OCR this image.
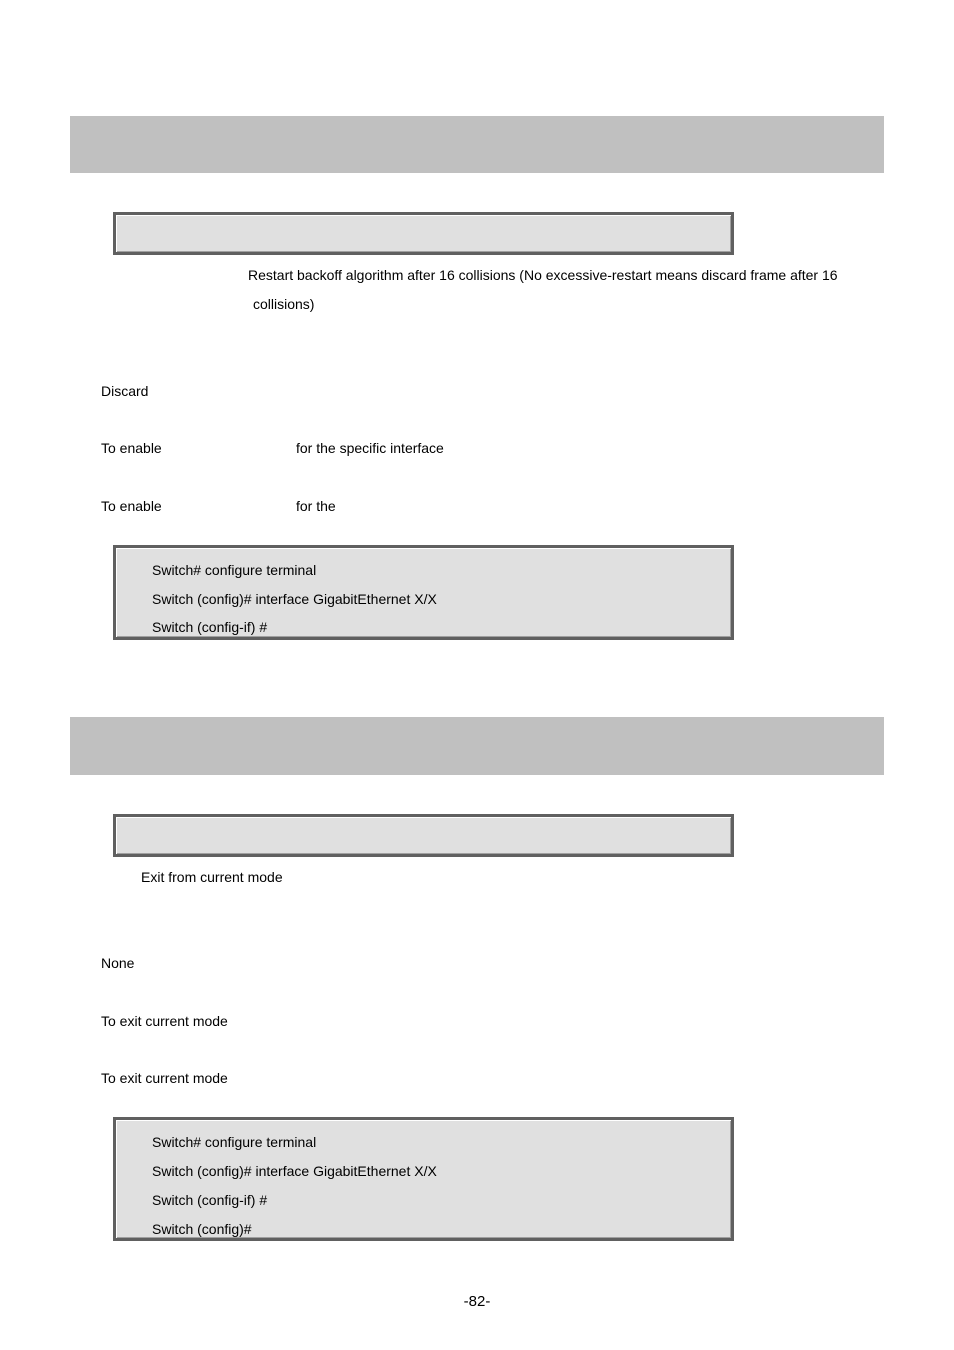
Restart backoff algorithm after 16 collisions (No excessive-restart means discard frame after 16
collisions)
Discard
To enable	for the specific interface
To enable	for the
Switch# configure terminal
Switch (config)# interface GigabitEthernet X/X
Switch (config-if) #
Exit from current mode
None
To exit current mode
To exit current mode
Switch# configure terminal
Switch (config)# interface GigabitEthernet X/X
Switch (config-if) #
Switch (config)#
-82-
